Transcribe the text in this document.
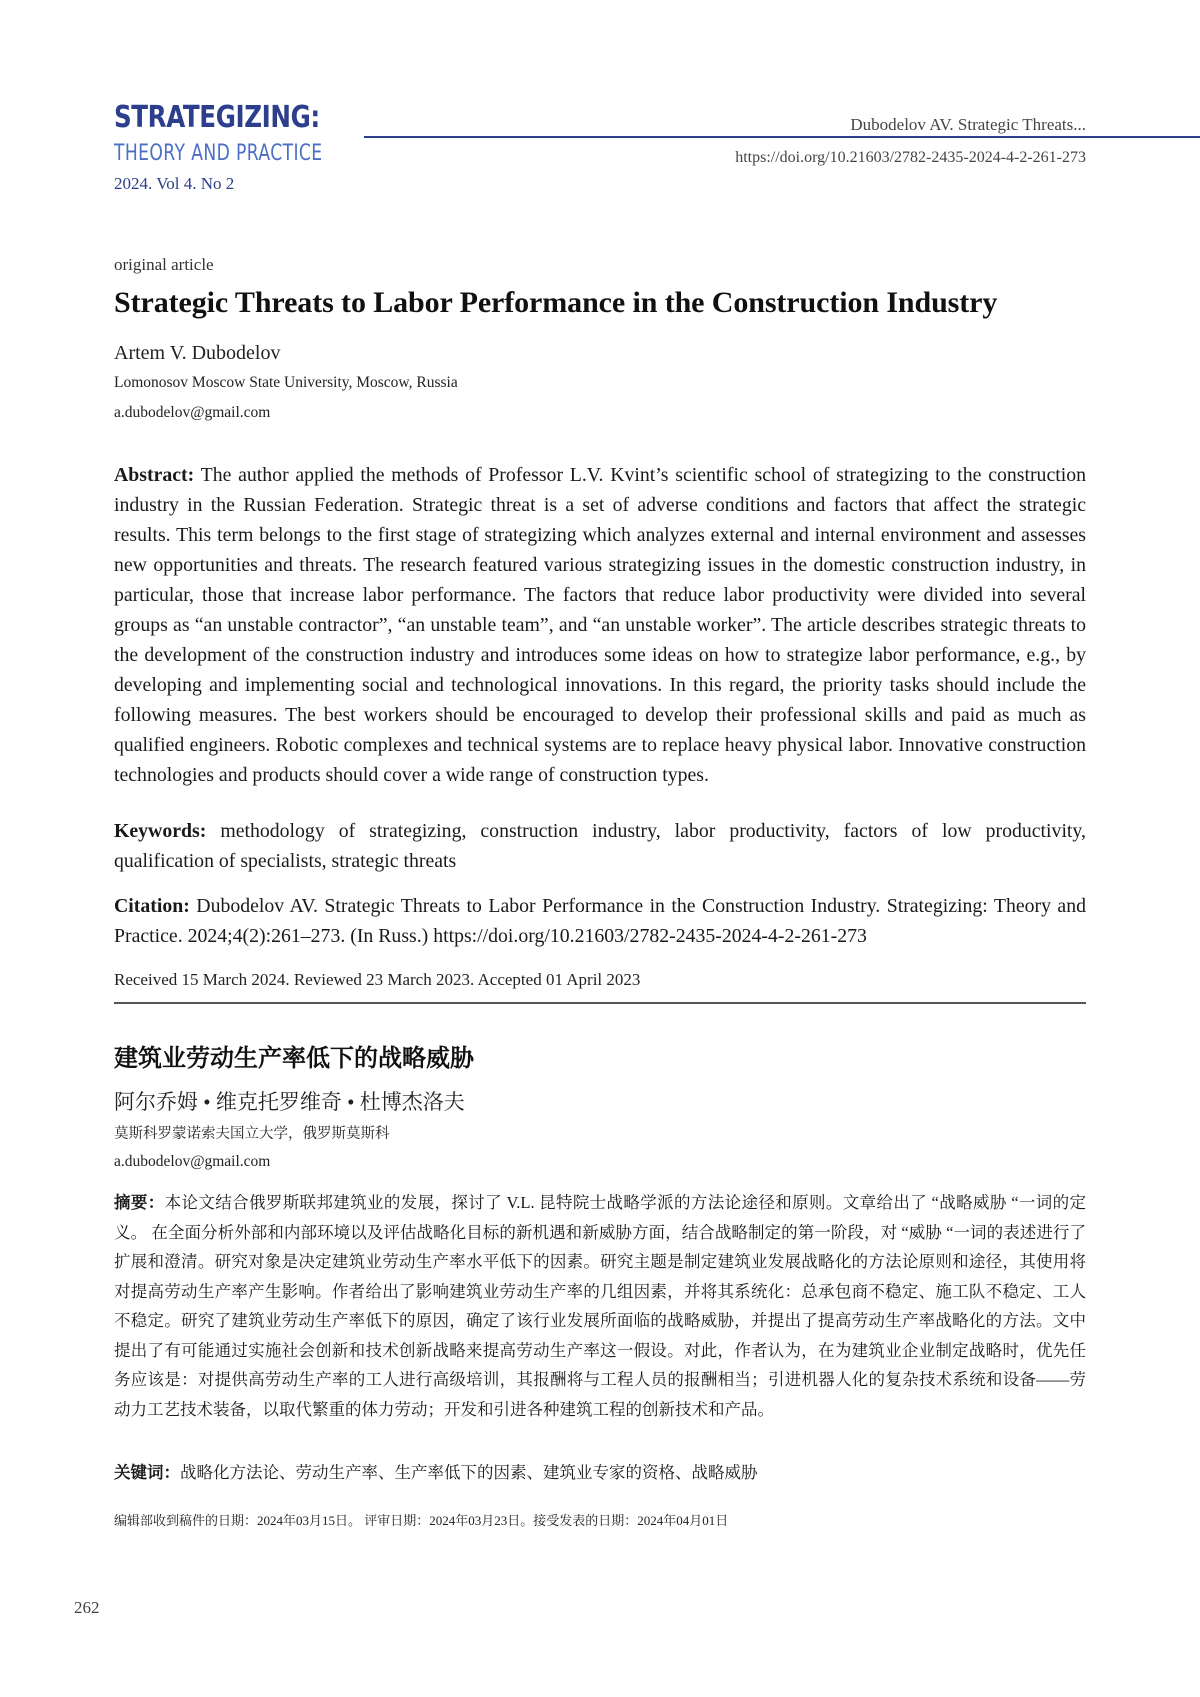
STRATEGIZING:
THEORY AND PRACTICE
2024. Vol 4. No 2
Dubodelov AV. Strategic Threats...
https://doi.org/10.21603/2782-2435-2024-4-2-261-273
original article
Strategic Threats to Labor Performance in the Construction Industry
Artem V. Dubodelov
Lomonosov Moscow State University, Moscow, Russia
a.dubodelov@gmail.com
Abstract: The author applied the methods of Professor L.V. Kvint’s scientific school of strategizing to the construction industry in the Russian Federation. Strategic threat is a set of adverse conditions and factors that affect the strategic results. This term belongs to the first stage of strategizing which analyzes external and internal environment and assesses new opportunities and threats. The research featured various strategizing issues in the domestic construction industry, in particular, those that increase labor performance. The factors that reduce labor productivity were divided into several groups as “an unstable contractor”, “an unstable team”, and “an unstable worker”. The article describes strategic threats to the development of the construction industry and introduces some ideas on how to strategize labor performance, e.g., by developing and implementing social and technological innovations. In this regard, the priority tasks should include the following measures. The best workers should be encouraged to develop their professional skills and paid as much as qualified engineers. Robotic complexes and technical systems are to replace heavy physical labor. Innovative construction technologies and products should cover a wide range of construction types.
Keywords: methodology of strategizing, construction industry, labor productivity, factors of low productivity, qualification of specialists, strategic threats
Citation: Dubodelov AV. Strategic Threats to Labor Performance in the Construction Industry. Strategizing: Theory and Practice. 2024;4(2):261–273. (In Russ.) https://doi.org/10.21603/2782-2435-2024-4-2-261-273
Received 15 March 2024. Reviewed 23 March 2023. Accepted 01 April 2023
建筑业劳动生产率低下的战略威胁
阿尔乔姆 • 维克托罗维奇 • 杜博杰洛夫
莫斯科罗蒙诺索夫国立大学，俄罗斯莫斯科
a.dubodelov@gmail.com
摘要：本论文结合俄罗斯联邦建筑业的发展，探讨了 V.L. 昆特院士战略学派的方法论途径和原则。文章给出了 “战略威胁 “一词的定义。 在全面分析外部和内部环境以及评估战略化目标的新机遇和新威胁方面，结合战略制定的第一阶段，对 “威胁 “一词的表述进行了扩展和澄清。研究对象是决定建筑业劳动生产率水平低下的因素。研究主题是制定建筑业发展战略化的方法论原则和途径，其使用将对提高劳动生产率产生影响。作者给出了影响建筑业劳动生产率的几组因素，并将其系统化：总承包商不稳定、施工队不稳定、工人不稳定。研究了建筑业劳动生产率低下的原因，确定了该行业发展所面临的战略威胁，并提出了提高劳动生产率战略化的方法。文中提出了有可能通过实施社会创新和技术创新战略来提高劳动生产率这一假设。对此，作者认为，在为建筑业企业制定战略时，优先任务应该是：对提供高劳动生产率的工人进行高级培训，其报酬将与工程人员的报酬相当；引进机器人化的复杂技术系统和设备——劳动力工艺技术装备，以取代繁重的体力劳动；开发和引进各种建筑工程的创新技术和产品。
关键词：战略化方法论、劳动生产率、生产率低下的因素、建筑业专家的资格、战略威胁
编辑部收到稿件的日期：2024年03月15日。 评审日期：2024年03月23日。接受发表的日期：2024年04月01日
262
